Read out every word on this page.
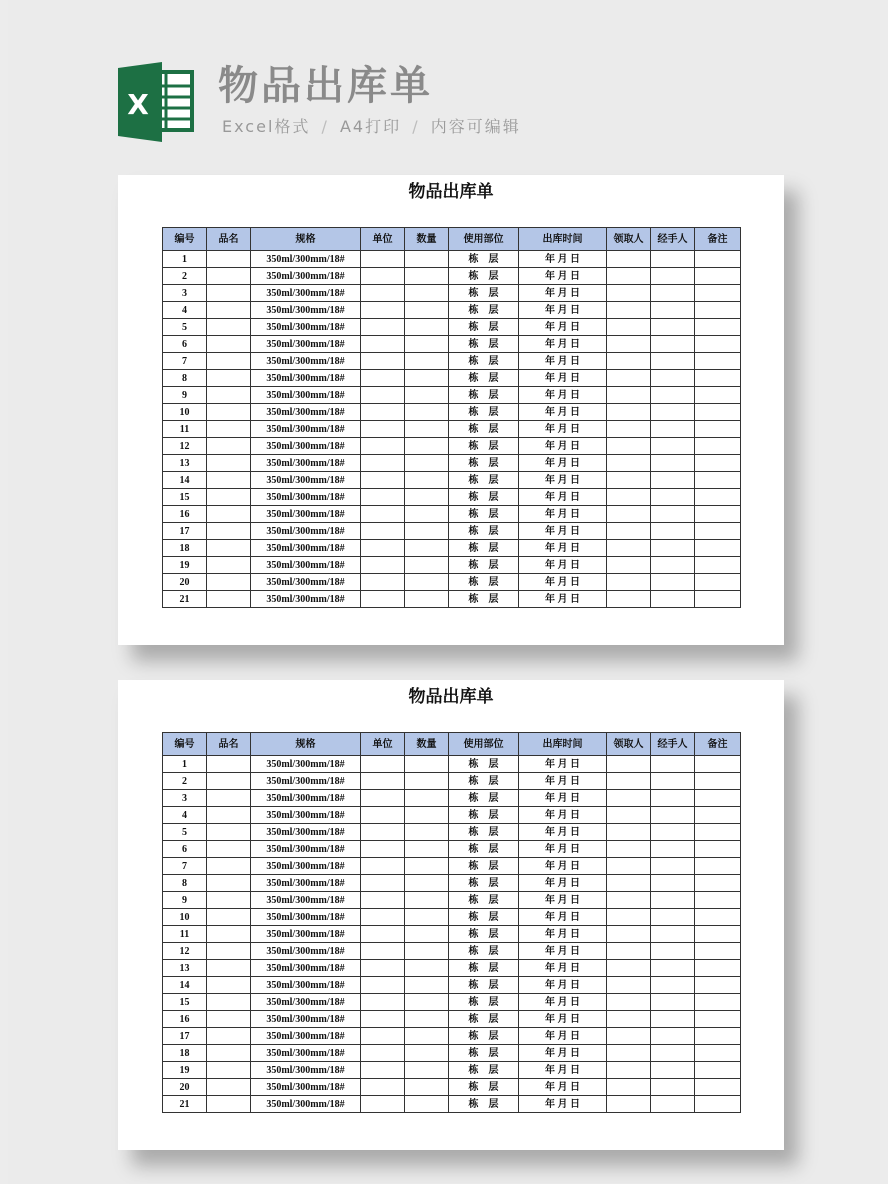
X 物品出库单
Excel格式 / A4打印 / 内容可编辑
物品出库单
编号	品名	规格	单位	数量	使用部位	出库时间	领取人	经手人	备注
1		350ml/300mm/18#			栋　层	年 月 日			
2		350ml/300mm/18#			栋　层	年 月 日			
3		350ml/300mm/18#			栋　层	年 月 日			
4		350ml/300mm/18#			栋　层	年 月 日			
5		350ml/300mm/18#			栋　层	年 月 日			
6		350ml/300mm/18#			栋　层	年 月 日			
7		350ml/300mm/18#			栋　层	年 月 日			
8		350ml/300mm/18#			栋　层	年 月 日			
9		350ml/300mm/18#			栋　层	年 月 日			
10		350ml/300mm/18#			栋　层	年 月 日			
11		350ml/300mm/18#			栋　层	年 月 日			
12		350ml/300mm/18#			栋　层	年 月 日			
13		350ml/300mm/18#			栋　层	年 月 日			
14		350ml/300mm/18#			栋　层	年 月 日			
15		350ml/300mm/18#			栋　层	年 月 日			
16		350ml/300mm/18#			栋　层	年 月 日			
17		350ml/300mm/18#			栋　层	年 月 日			
18		350ml/300mm/18#			栋　层	年 月 日			
19		350ml/300mm/18#			栋　层	年 月 日			
20		350ml/300mm/18#			栋　层	年 月 日			
21		350ml/300mm/18#			栋　层	年 月 日			
物品出库单
编号	品名	规格	单位	数量	使用部位	出库时间	领取人	经手人	备注
1		350ml/300mm/18#			栋　层	年 月 日			
2		350ml/300mm/18#			栋　层	年 月 日			
3		350ml/300mm/18#			栋　层	年 月 日			
4		350ml/300mm/18#			栋　层	年 月 日			
5		350ml/300mm/18#			栋　层	年 月 日			
6		350ml/300mm/18#			栋　层	年 月 日			
7		350ml/300mm/18#			栋　层	年 月 日			
8		350ml/300mm/18#			栋　层	年 月 日			
9		350ml/300mm/18#			栋　层	年 月 日			
10		350ml/300mm/18#			栋　层	年 月 日			
11		350ml/300mm/18#			栋　层	年 月 日			
12		350ml/300mm/18#			栋　层	年 月 日			
13		350ml/300mm/18#			栋　层	年 月 日			
14		350ml/300mm/18#			栋　层	年 月 日			
15		350ml/300mm/18#			栋　层	年 月 日			
16		350ml/300mm/18#			栋　层	年 月 日			
17		350ml/300mm/18#			栋　层	年 月 日			
18		350ml/300mm/18#			栋　层	年 月 日			
19		350ml/300mm/18#			栋　层	年 月 日			
20		350ml/300mm/18#			栋　层	年 月 日			
21		350ml/300mm/18#			栋　层	年 月 日			
